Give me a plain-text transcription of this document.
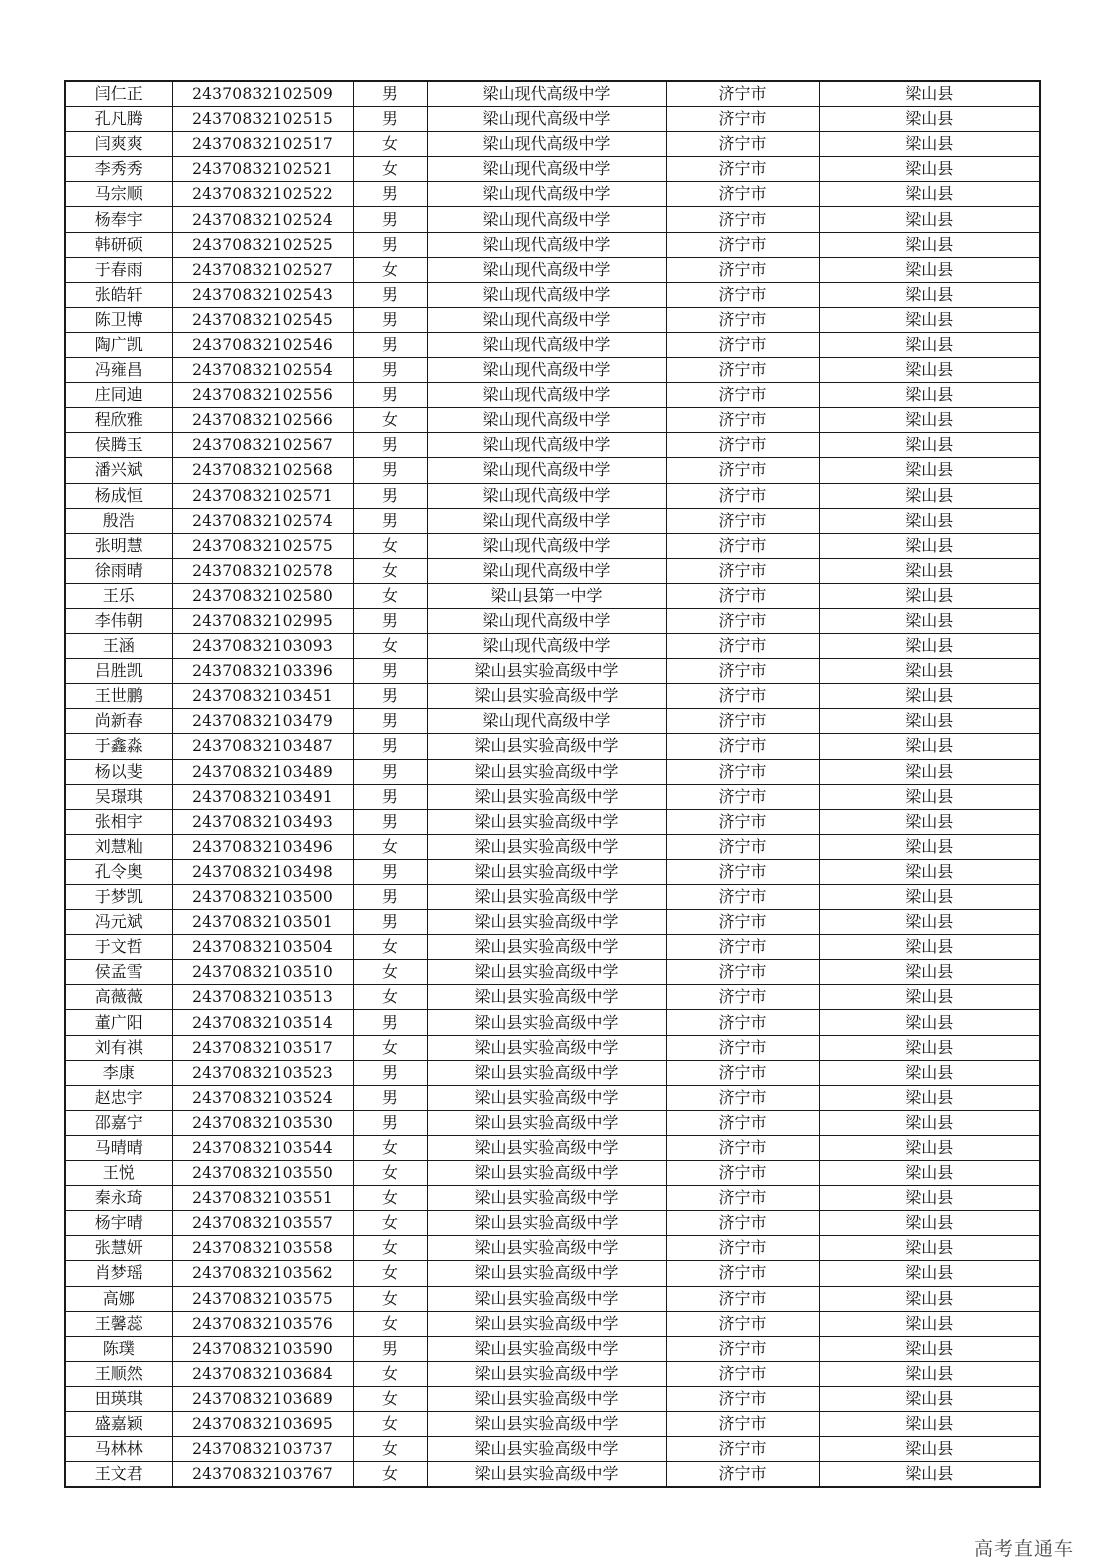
闫仁正	24370832102509	男	梁山现代高级中学	济宁市	梁山县
孔凡腾	24370832102515	男	梁山现代高级中学	济宁市	梁山县
闫爽爽	24370832102517	女	梁山现代高级中学	济宁市	梁山县
李秀秀	24370832102521	女	梁山现代高级中学	济宁市	梁山县
马宗顺	24370832102522	男	梁山现代高级中学	济宁市	梁山县
杨奉宇	24370832102524	男	梁山现代高级中学	济宁市	梁山县
韩研硕	24370832102525	男	梁山现代高级中学	济宁市	梁山县
于春雨	24370832102527	女	梁山现代高级中学	济宁市	梁山县
张皓轩	24370832102543	男	梁山现代高级中学	济宁市	梁山县
陈卫博	24370832102545	男	梁山现代高级中学	济宁市	梁山县
陶广凯	24370832102546	男	梁山现代高级中学	济宁市	梁山县
冯雍昌	24370832102554	男	梁山现代高级中学	济宁市	梁山县
庄同迪	24370832102556	男	梁山现代高级中学	济宁市	梁山县
程欣雅	24370832102566	女	梁山现代高级中学	济宁市	梁山县
侯腾玉	24370832102567	男	梁山现代高级中学	济宁市	梁山县
潘兴斌	24370832102568	男	梁山现代高级中学	济宁市	梁山县
杨成恒	24370832102571	男	梁山现代高级中学	济宁市	梁山县
殷浩	24370832102574	男	梁山现代高级中学	济宁市	梁山县
张明慧	24370832102575	女	梁山现代高级中学	济宁市	梁山县
徐雨晴	24370832102578	女	梁山现代高级中学	济宁市	梁山县
王乐	24370832102580	女	梁山县第一中学	济宁市	梁山县
李伟朝	24370832102995	男	梁山现代高级中学	济宁市	梁山县
王涵	24370832103093	女	梁山现代高级中学	济宁市	梁山县
吕胜凯	24370832103396	男	梁山县实验高级中学	济宁市	梁山县
王世鹏	24370832103451	男	梁山县实验高级中学	济宁市	梁山县
尚新春	24370832103479	男	梁山现代高级中学	济宁市	梁山县
于鑫淼	24370832103487	男	梁山县实验高级中学	济宁市	梁山县
杨以斐	24370832103489	男	梁山县实验高级中学	济宁市	梁山县
吴璟琪	24370832103491	男	梁山县实验高级中学	济宁市	梁山县
张相宇	24370832103493	男	梁山县实验高级中学	济宁市	梁山县
刘慧籼	24370832103496	女	梁山县实验高级中学	济宁市	梁山县
孔令奥	24370832103498	男	梁山县实验高级中学	济宁市	梁山县
于梦凯	24370832103500	男	梁山县实验高级中学	济宁市	梁山县
冯元斌	24370832103501	男	梁山县实验高级中学	济宁市	梁山县
于文哲	24370832103504	女	梁山县实验高级中学	济宁市	梁山县
侯孟雪	24370832103510	女	梁山县实验高级中学	济宁市	梁山县
高薇薇	24370832103513	女	梁山县实验高级中学	济宁市	梁山县
董广阳	24370832103514	男	梁山县实验高级中学	济宁市	梁山县
刘有祺	24370832103517	女	梁山县实验高级中学	济宁市	梁山县
李康	24370832103523	男	梁山县实验高级中学	济宁市	梁山县
赵忠宇	24370832103524	男	梁山县实验高级中学	济宁市	梁山县
邵嘉宁	24370832103530	男	梁山县实验高级中学	济宁市	梁山县
马晴晴	24370832103544	女	梁山县实验高级中学	济宁市	梁山县
王悦	24370832103550	女	梁山县实验高级中学	济宁市	梁山县
秦永琦	24370832103551	女	梁山县实验高级中学	济宁市	梁山县
杨宇晴	24370832103557	女	梁山县实验高级中学	济宁市	梁山县
张慧妍	24370832103558	女	梁山县实验高级中学	济宁市	梁山县
肖梦瑶	24370832103562	女	梁山县实验高级中学	济宁市	梁山县
高娜	24370832103575	女	梁山县实验高级中学	济宁市	梁山县
王馨蕊	24370832103576	女	梁山县实验高级中学	济宁市	梁山县
陈璞	24370832103590	男	梁山县实验高级中学	济宁市	梁山县
王顺然	24370832103684	女	梁山县实验高级中学	济宁市	梁山县
田瑛琪	24370832103689	女	梁山县实验高级中学	济宁市	梁山县
盛嘉颖	24370832103695	女	梁山县实验高级中学	济宁市	梁山县
马林林	24370832103737	女	梁山县实验高级中学	济宁市	梁山县
王文君	24370832103767	女	梁山县实验高级中学	济宁市	梁山县
高考直通车
